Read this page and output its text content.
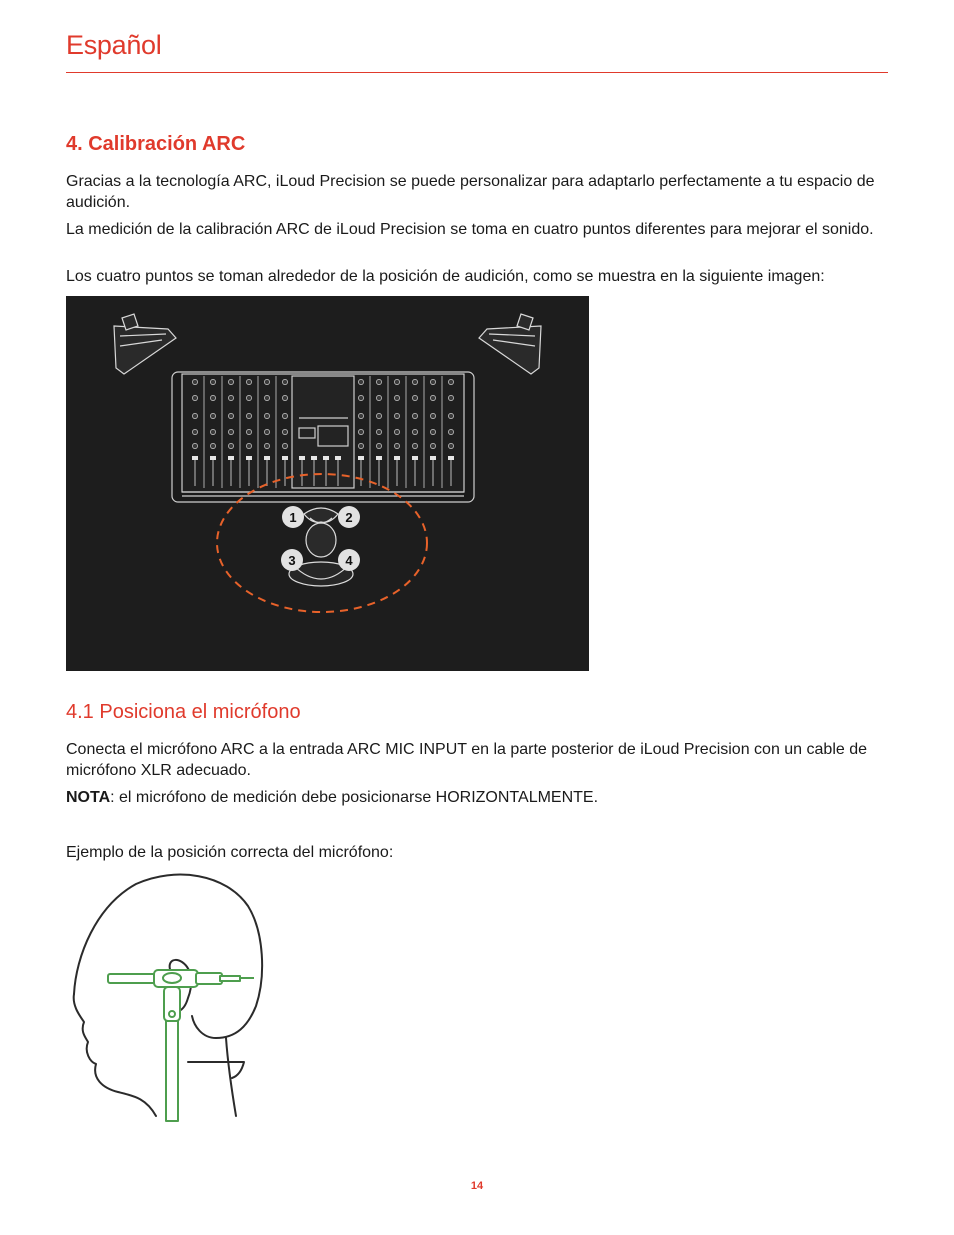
Español
4. Calibración ARC
Gracias a la tecnología ARC, iLoud Precision se puede personalizar para adaptarlo perfectamente a tu espacio de audición.
La medición de la calibración ARC de iLoud Precision se toma en cuatro puntos diferentes para mejorar el sonido.
Los cuatro puntos se toman alrededor de la posición de audición, como se muestra en la siguiente imagen:
1	2
3	4
4.1 Posiciona el micrófono
Conecta el micrófono ARC a la entrada ARC MIC INPUT en la parte posterior de iLoud Precision con un cable de micrófono XLR adecuado.
NOTA: el micrófono de medición debe posicionarse HORIZONTALMENTE.
Ejemplo de la posición correcta del micrófono:
14
